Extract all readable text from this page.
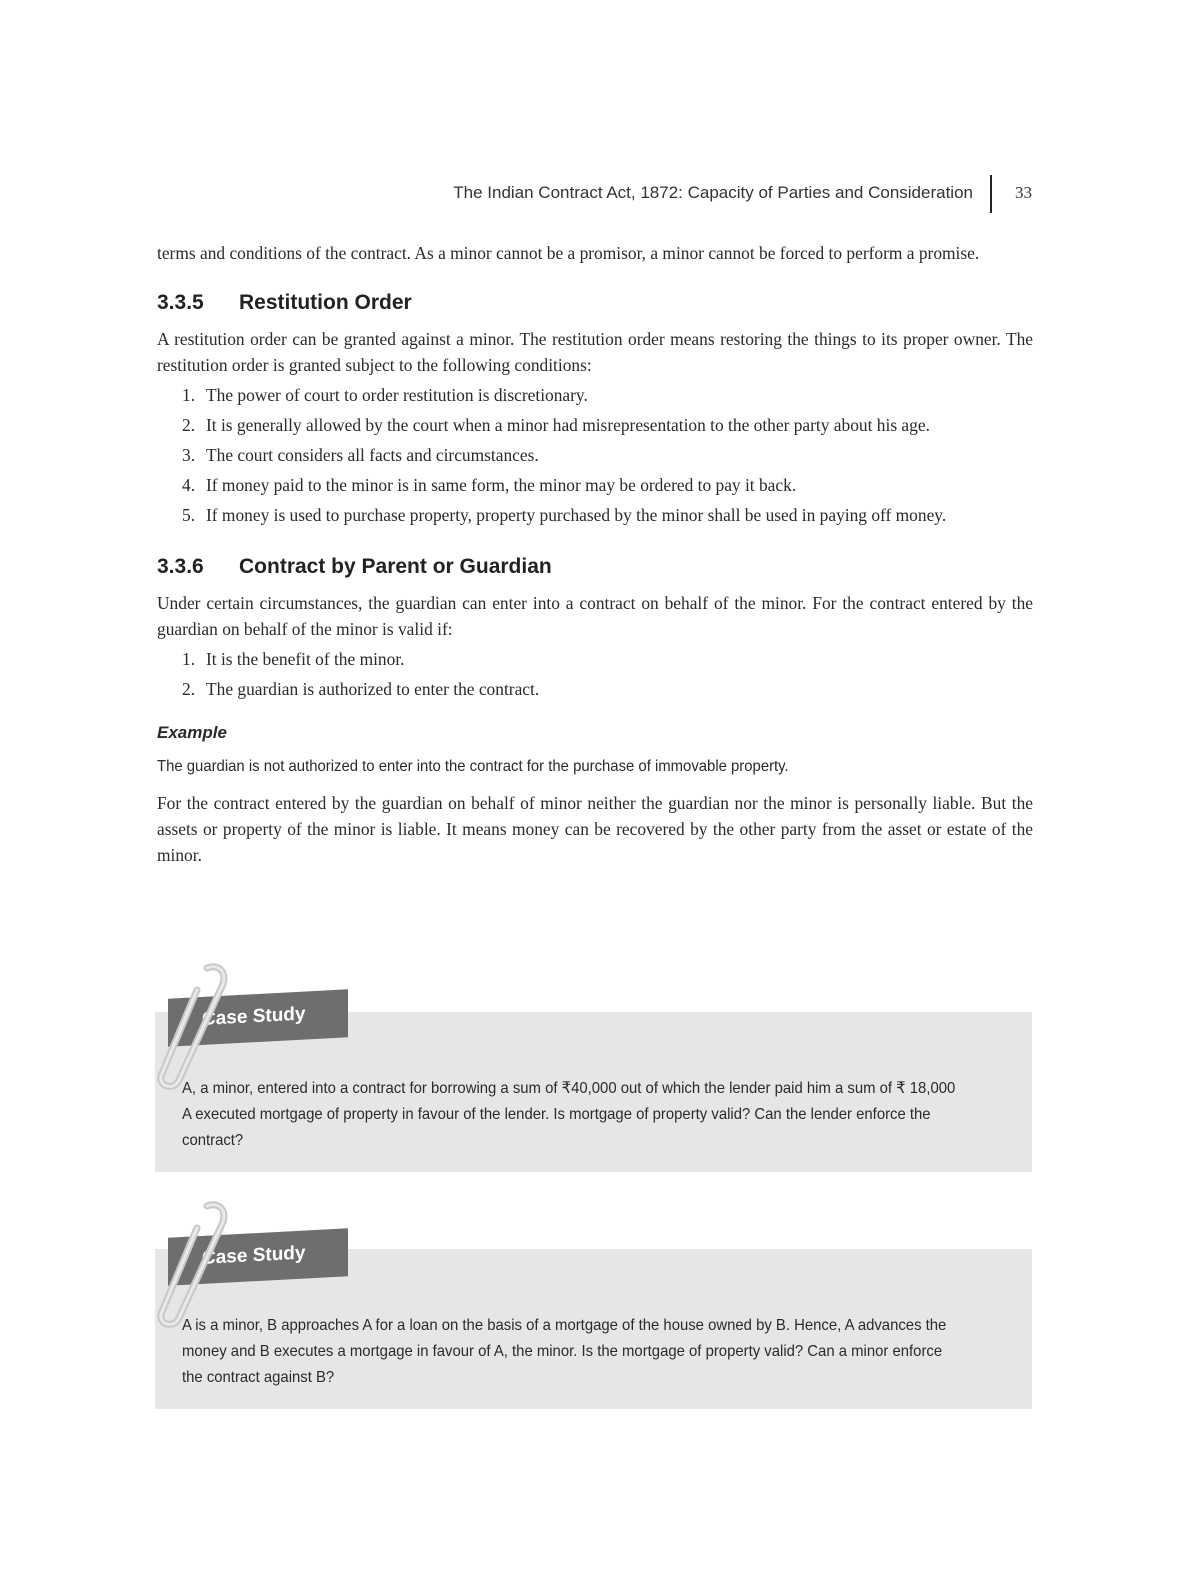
The Indian Contract Act, 1872: Capacity of Parties and Consideration 33

terms and conditions of the contract. As a minor cannot be a promisor, a minor cannot be forced to perform a promise.

3.3.5 Restitution Order

A restitution order can be granted against a minor. The restitution order means restoring the things to its proper owner. The restitution order is granted subject to the following conditions:

1. The power of court to order restitution is discretionary.
2. It is generally allowed by the court when a minor had misrepresentation to the other party about his age.
3. The court considers all facts and circumstances.
4. If money paid to the minor is in same form, the minor may be ordered to pay it back.
5. If money is used to purchase property, property purchased by the minor shall be used in paying off money.
3.3.6 Contract by Parent or Guardian

Under certain circumstances, the guardian can enter into a contract on behalf of the minor. For the contract entered by the guardian on behalf of the minor is valid if:

1. It is the benefit of the minor.
2. The guardian is authorized to enter the contract.
Example
The guardian is not authorized to enter into the contract for the purchase of immovable property.

For the contract entered by the guardian on behalf of minor neither the guardian nor the minor is personally liable. But the assets or property of the minor is liable. It means money can be recovered by the other party from the asset or estate of the minor.

A, a minor, entered into a contract for borrowing a sum of ₹40,000 out of which the lender paid him a sum of ₹ 18,000
A executed mortgage of property in favour of the lender. Is mortgage of property valid? Can the lender enforce the
contract?
Case Study
A is a minor, B approaches A for a loan on the basis of a mortgage of the house owned by B. Hence, A advances the
money and B executes a mortgage in favour of A, the minor. Is the mortgage of property valid? Can a minor enforce
the contract against B?
Case Study
